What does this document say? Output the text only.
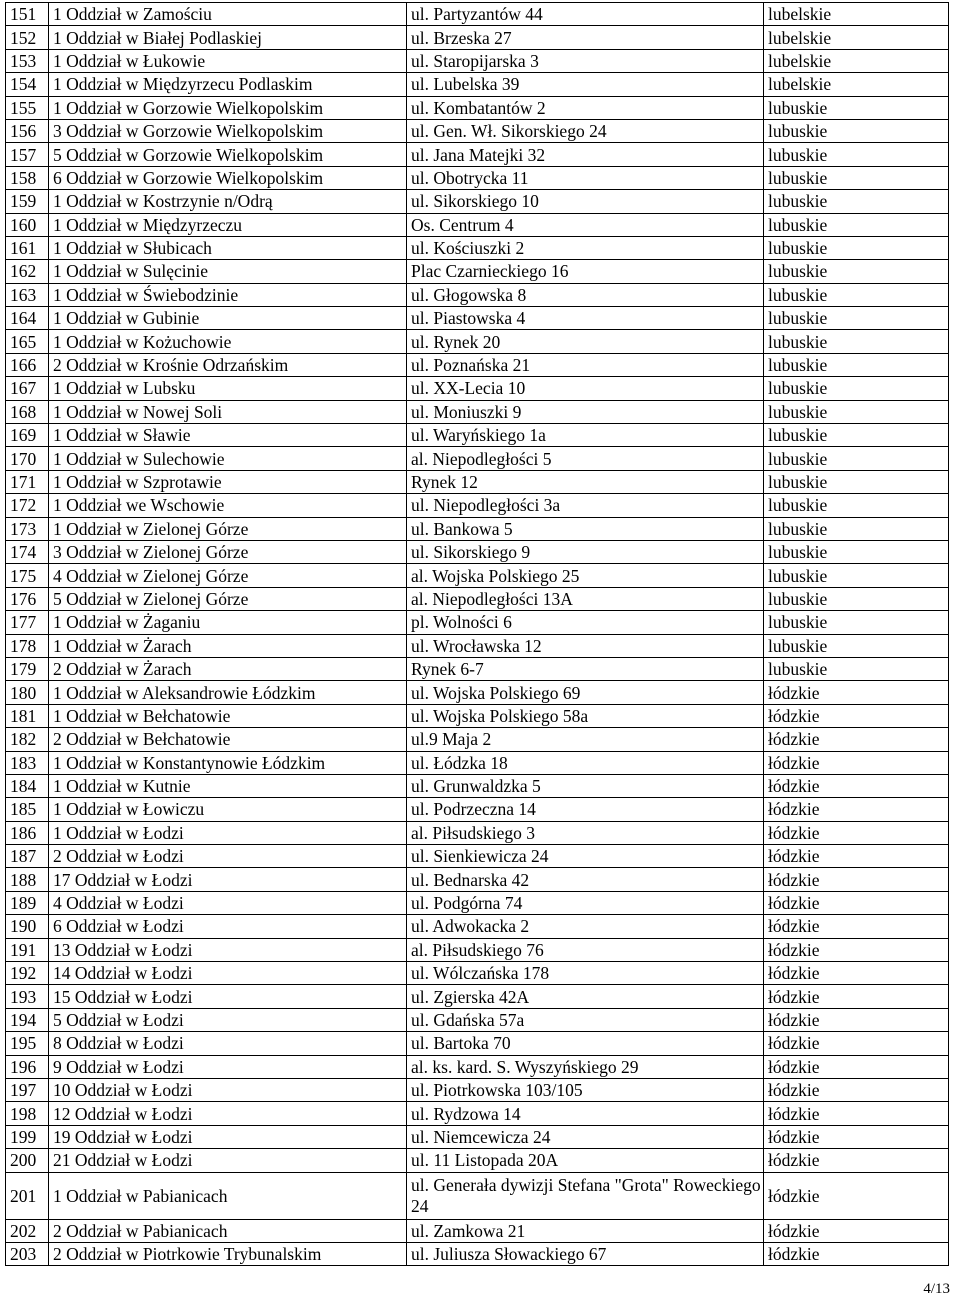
151	1 Oddział w Zamościu	ul. Partyzantów 44	lubelskie
152	1 Oddział w Białej Podlaskiej	ul. Brzeska 27	lubelskie
153	1 Oddział w Łukowie	ul. Staropijarska 3	lubelskie
154	1 Oddział w Międzyrzecu Podlaskim	ul. Lubelska 39	lubelskie
155	1 Oddział w Gorzowie Wielkopolskim	ul. Kombatantów 2	lubuskie
156	3 Oddział w Gorzowie Wielkopolskim	ul. Gen. Wł. Sikorskiego 24	lubuskie
157	5 Oddział w Gorzowie Wielkopolskim	ul. Jana Matejki 32	lubuskie
158	6 Oddział w Gorzowie Wielkopolskim	ul. Obotrycka 11	lubuskie
159	1 Oddział w Kostrzynie n/Odrą	ul. Sikorskiego 10	lubuskie
160	1 Oddział w Międzyrzeczu	Os. Centrum 4	lubuskie
161	1 Oddział w Słubicach	ul. Kościuszki 2	lubuskie
162	1 Oddział w Sulęcinie	Plac Czarnieckiego 16	lubuskie
163	1 Oddział w Świebodzinie	ul. Głogowska 8	lubuskie
164	1 Oddział w Gubinie	ul. Piastowska 4	lubuskie
165	1 Oddział w Kożuchowie	ul. Rynek 20	lubuskie
166	2 Oddział w Krośnie Odrzańskim	ul. Poznańska 21	lubuskie
167	1 Oddział w Lubsku	ul. XX-Lecia 10	lubuskie
168	1 Oddział w Nowej Soli	ul. Moniuszki 9	lubuskie
169	1 Oddział w Sławie	ul. Waryńskiego 1a	lubuskie
170	1 Oddział w Sulechowie	al. Niepodległości 5	lubuskie
171	1 Oddział w Szprotawie	Rynek 12	lubuskie
172	1 Oddział we Wschowie	ul. Niepodległości 3a	lubuskie
173	1 Oddział w Zielonej Górze	ul. Bankowa 5	lubuskie
174	3 Oddział w Zielonej Górze	ul. Sikorskiego 9	lubuskie
175	4 Oddział w Zielonej Górze	al. Wojska Polskiego 25	lubuskie
176	5 Oddział w Zielonej Górze	al. Niepodległości 13A	lubuskie
177	1 Oddział w Żaganiu	pl. Wolności 6	lubuskie
178	1 Oddział w Żarach	ul. Wrocławska 12	lubuskie
179	2 Oddział w Żarach	Rynek 6-7	lubuskie
180	1 Oddział w Aleksandrowie Łódzkim	ul. Wojska Polskiego 69	łódzkie
181	1 Oddział w Bełchatowie	ul. Wojska Polskiego 58a	łódzkie
182	2 Oddział w Bełchatowie	ul.9 Maja 2	łódzkie
183	1 Oddział w Konstantynowie Łódzkim	ul. Łódzka 18	łódzkie
184	1 Oddział w Kutnie	ul. Grunwaldzka 5	łódzkie
185	1 Oddział w Łowiczu	ul. Podrzeczna 14	łódzkie
186	1 Oddział w Łodzi	al. Piłsudskiego 3	łódzkie
187	2 Oddział w Łodzi	ul. Sienkiewicza 24	łódzkie
188	17 Oddział w Łodzi	ul. Bednarska 42	łódzkie
189	4 Oddział w Łodzi	ul. Podgórna 74	łódzkie
190	6 Oddział w Łodzi	ul. Adwokacka 2	łódzkie
191	13 Oddział w Łodzi	al. Piłsudskiego 76	łódzkie
192	14 Oddział w Łodzi	ul. Wólczańska 178	łódzkie
193	15 Oddział w Łodzi	ul. Zgierska 42A	łódzkie
194	5 Oddział w Łodzi	ul. Gdańska 57a	łódzkie
195	8 Oddział w Łodzi	ul. Bartoka 70	łódzkie
196	9 Oddział w Łodzi	al. ks. kard. S. Wyszyńskiego 29	łódzkie
197	10 Oddział w Łodzi	ul. Piotrkowska 103/105	łódzkie
198	12 Oddział w Łodzi	ul. Rydzowa 14	łódzkie
199	19 Oddział w Łodzi	ul. Niemcewicza 24	łódzkie
200	21 Oddział w Łodzi	ul. 11 Listopada 20A	łódzkie
201	1 Oddział w Pabianicach	ul. Generała dywizji Stefana "Grota" Roweckiego 24	łódzkie
202	2 Oddział w Pabianicach	ul. Zamkowa 21	łódzkie
203	2 Oddział w Piotrkowie Trybunalskim	ul. Juliusza Słowackiego 67	łódzkie
4/13
